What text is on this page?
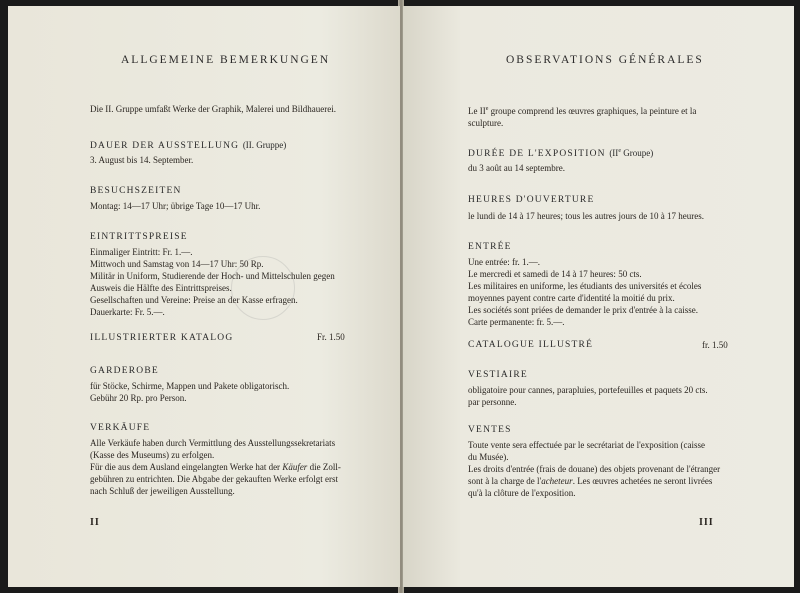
ALLGEMEINE BEMERKUNGEN
Die II. Gruppe umfaßt Werke der Graphik, Malerei und Bildhauerei.
DAUER DER AUSSTELLUNG (II. Gruppe)
3. August bis 14. September.
BESUCHSZEITEN
Montag: 14—17 Uhr; übrige Tage 10—17 Uhr.
EINTRITTSPREISE
Einmaliger Eintritt: Fr. 1.—.
Mittwoch und Samstag von 14—17 Uhr: 50 Rp.
Militär in Uniform, Studierende der Hoch- und Mittelschulen gegen
Ausweis die Hälfte des Eintrittspreises.
Gesellschaften und Vereine: Preise an der Kasse erfragen.
Dauerkarte: Fr. 5.—.
ILLUSTRIERTER KATALOG	Fr. 1.50
GARDEROBE
für Stöcke, Schirme, Mappen und Pakete obligatorisch.
Gebühr 20 Rp. pro Person.
VERKÄUFE
Alle Verkäufe haben durch Vermittlung des Ausstellungssekretariats
(Kasse des Museums) zu erfolgen.
Für die aus dem Ausland eingelangten Werke hat der Käufer die Zoll-
gebühren zu entrichten. Die Abgabe der gekauften Werke erfolgt erst
nach Schluß der jeweiligen Ausstellung.
II
OBSERVATIONS GÉNÉRALES
Le IIe groupe comprend les œuvres graphiques, la peinture et la
sculpture.
DURÉE DE L'EXPOSITION (IIe Groupe)
du 3 août au 14 septembre.
HEURES D'OUVERTURE
le lundi de 14 à 17 heures; tous les autres jours de 10 à 17 heures.
ENTRÉE
Une entrée: fr. 1.—.
Le mercredi et samedi de 14 à 17 heures: 50 cts.
Les militaires en uniforme, les étudiants des universités et écoles
moyennes payent contre carte d'identité la moitié du prix.
Les sociétés sont priées de demander le prix d'entrée à la caisse.
Carte permanente: fr. 5.—.
CATALOGUE ILLUSTRÉ	fr. 1.50
VESTIAIRE
obligatoire pour cannes, parapluies, portefeuilles et paquets 20 cts.
par personne.
VENTES
Toute vente sera effectuée par le secrétariat de l'exposition (caisse
du Musée).
Les droits d'entrée (frais de douane) des objets provenant de l'étranger
sont à la charge de l'acheteur. Les œuvres achetées ne seront livrées
qu'à la clôture de l'exposition.
III
